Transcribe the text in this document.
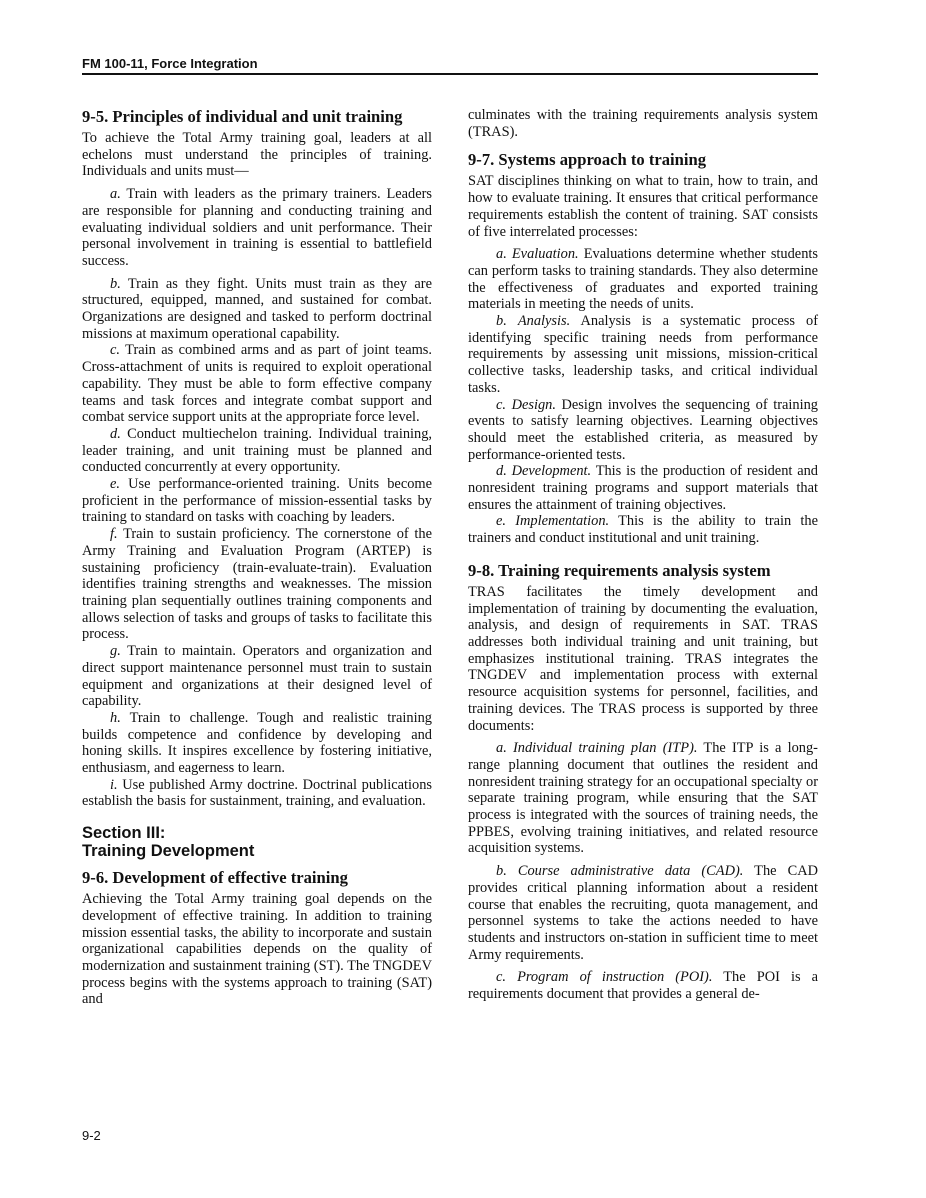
FM 100-11, Force Integration
9-5. Principles of individual and unit training

To achieve the Total Army training goal, leaders at all echelons must understand the principles of training. Individuals and units must—

a. Train with leaders as the primary trainers. Leaders are responsible for planning and conducting training and evaluating individual soldiers and unit performance. Their personal involvement in training is essential to battlefield success.

b. Train as they fight. Units must train as they are structured, equipped, manned, and sustained for combat. Organizations are designed and tasked to perform doctrinal missions at maximum operational capability.

c. Train as combined arms and as part of joint teams. Cross-attachment of units is required to exploit operational capability. They must be able to form effective company teams and task forces and integrate combat support and combat service support units at the appropriate force level.

d. Conduct multiechelon training. Individual training, leader training, and unit training must be planned and conducted concurrently at every opportunity.

e. Use performance-oriented training. Units become proficient in the performance of mission-essential tasks by training to standard on tasks with coaching by leaders.

f. Train to sustain proficiency. The cornerstone of the Army Training and Evaluation Program (ARTEP) is sustaining proficiency (train-evaluate-train). Evaluation identifies training strengths and weaknesses. The mission training plan sequentially outlines training components and allows selection of tasks and groups of tasks to facilitate this process.

g. Train to maintain. Operators and organization and direct support maintenance personnel must train to sustain equipment and organizations at their designed level of capability.

h. Train to challenge. Tough and realistic training builds competence and confidence by developing and honing skills. It inspires excellence by fostering initiative, enthusiasm, and eagerness to learn.

i. Use published Army doctrine. Doctrinal publications establish the basis for sustainment, training, and evaluation.

Section III:
Training Development
9-6. Development of effective training

Achieving the Total Army training goal depends on the development of effective training. In addition to training mission essential tasks, the ability to incorporate and sustain organizational capabilities depends on the quality of modernization and sustainment training (ST). The TNGDEV process begins with the systems approach to training (SAT) and

culminates with the training requirements analysis system (TRAS).

9-7. Systems approach to training

SAT disciplines thinking on what to train, how to train, and how to evaluate training. It ensures that critical performance requirements establish the content of training. SAT consists of five interrelated processes:

a. Evaluation. Evaluations determine whether students can perform tasks to training standards. They also determine the effectiveness of graduates and exported training materials in meeting the needs of units.

b. Analysis. Analysis is a systematic process of identifying specific training needs from performance requirements by assessing unit missions, mission-critical collective tasks, leadership tasks, and critical individual tasks.

c. Design. Design involves the sequencing of training events to satisfy learning objectives. Learning objectives should meet the established criteria, as measured by performance-oriented tests.

d. Development. This is the production of resident and nonresident training programs and support materials that ensures the attainment of training objectives.

e. Implementation. This is the ability to train the trainers and conduct institutional and unit training.

9-8. Training requirements analysis system

TRAS facilitates the timely development and implementation of training by documenting the evaluation, analysis, and design of requirements in SAT. TRAS addresses both individual training and unit training, but emphasizes institutional training. TRAS integrates the TNGDEV and implementation process with external resource acquisition systems for personnel, facilities, and training devices. The TRAS process is supported by three documents:

a. Individual training plan (ITP). The ITP is a long-range planning document that outlines the resident and nonresident training strategy for an occupational specialty or separate training program, while ensuring that the SAT process is integrated with the sources of training needs, the PPBES, evolving training initiatives, and related resource acquisition systems.

b. Course administrative data (CAD). The CAD provides critical planning information about a resident course that enables the recruiting, quota management, and personnel systems to take the actions needed to have students and instructors on-station in sufficient time to meet Army requirements.

c. Program of instruction (POI). The POI is a requirements document that provides a general de-

9-2
